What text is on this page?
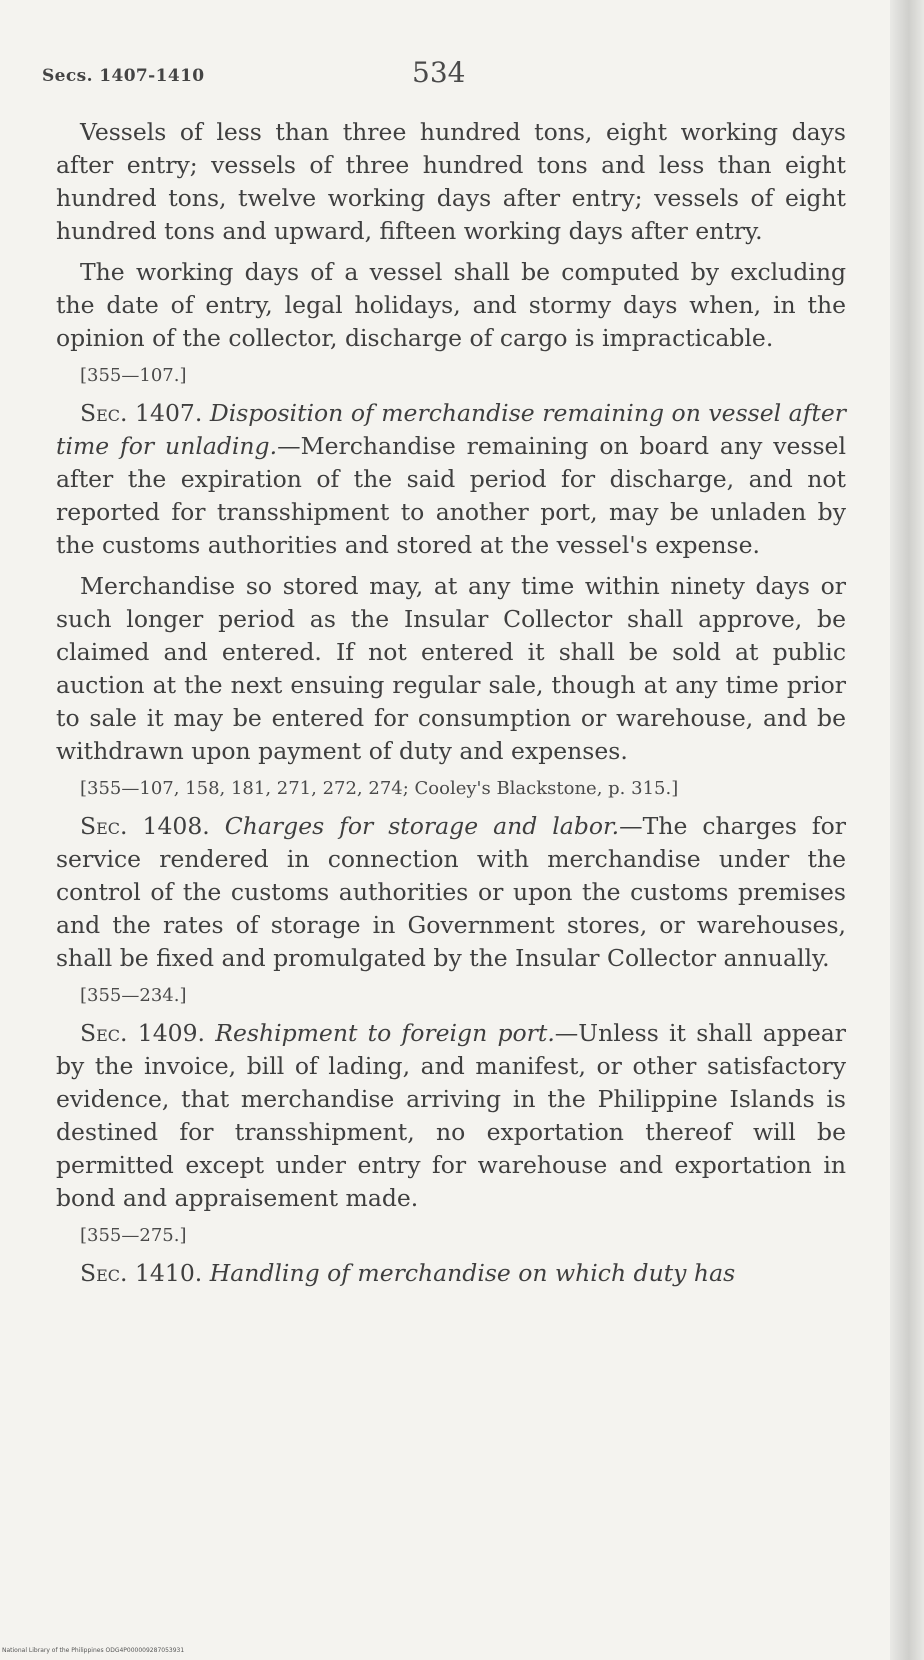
Secs. 1407-1410	534

Vessels of less than three hundred tons, eight working days after entry; vessels of three hundred tons and less than eight hundred tons, twelve working days after entry; vessels of eight hundred tons and upward, fifteen working days after entry.

The working days of a vessel shall be computed by excluding the date of entry, legal holidays, and stormy days when, in the opinion of the collector, discharge of cargo is impracticable.

[355—107.]

Sec. 1407. Disposition of merchandise remaining on vessel after time for unlading.—Merchandise remaining on board any vessel after the expiration of the said period for discharge, and not reported for transshipment to another port, may be unladen by the customs authorities and stored at the vessel's expense.

Merchandise so stored may, at any time within ninety days or such longer period as the Insular Collector shall approve, be claimed and entered. If not entered it shall be sold at public auction at the next ensuing regular sale, though at any time prior to sale it may be entered for consumption or warehouse, and be withdrawn upon payment of duty and expenses.

[355—107, 158, 181, 271, 272, 274; Cooley's Blackstone, p. 315.]

Sec. 1408. Charges for storage and labor.—The charges for service rendered in connection with merchandise under the control of the customs authorities or upon the customs premises and the rates of storage in Government stores, or warehouses, shall be fixed and promulgated by the Insular Collector annually.

[355—234.]

Sec. 1409. Reshipment to foreign port.—Unless it shall appear by the invoice, bill of lading, and manifest, or other satisfactory evidence, that merchandise arriving in the Philippine Islands is destined for transshipment, no exportation thereof will be permitted except under entry for warehouse and exportation in bond and appraisement made.

[355—275.]

Sec. 1410. Handling of merchandise on which duty has

National Library of the Philippines ODG4P000009287053931
